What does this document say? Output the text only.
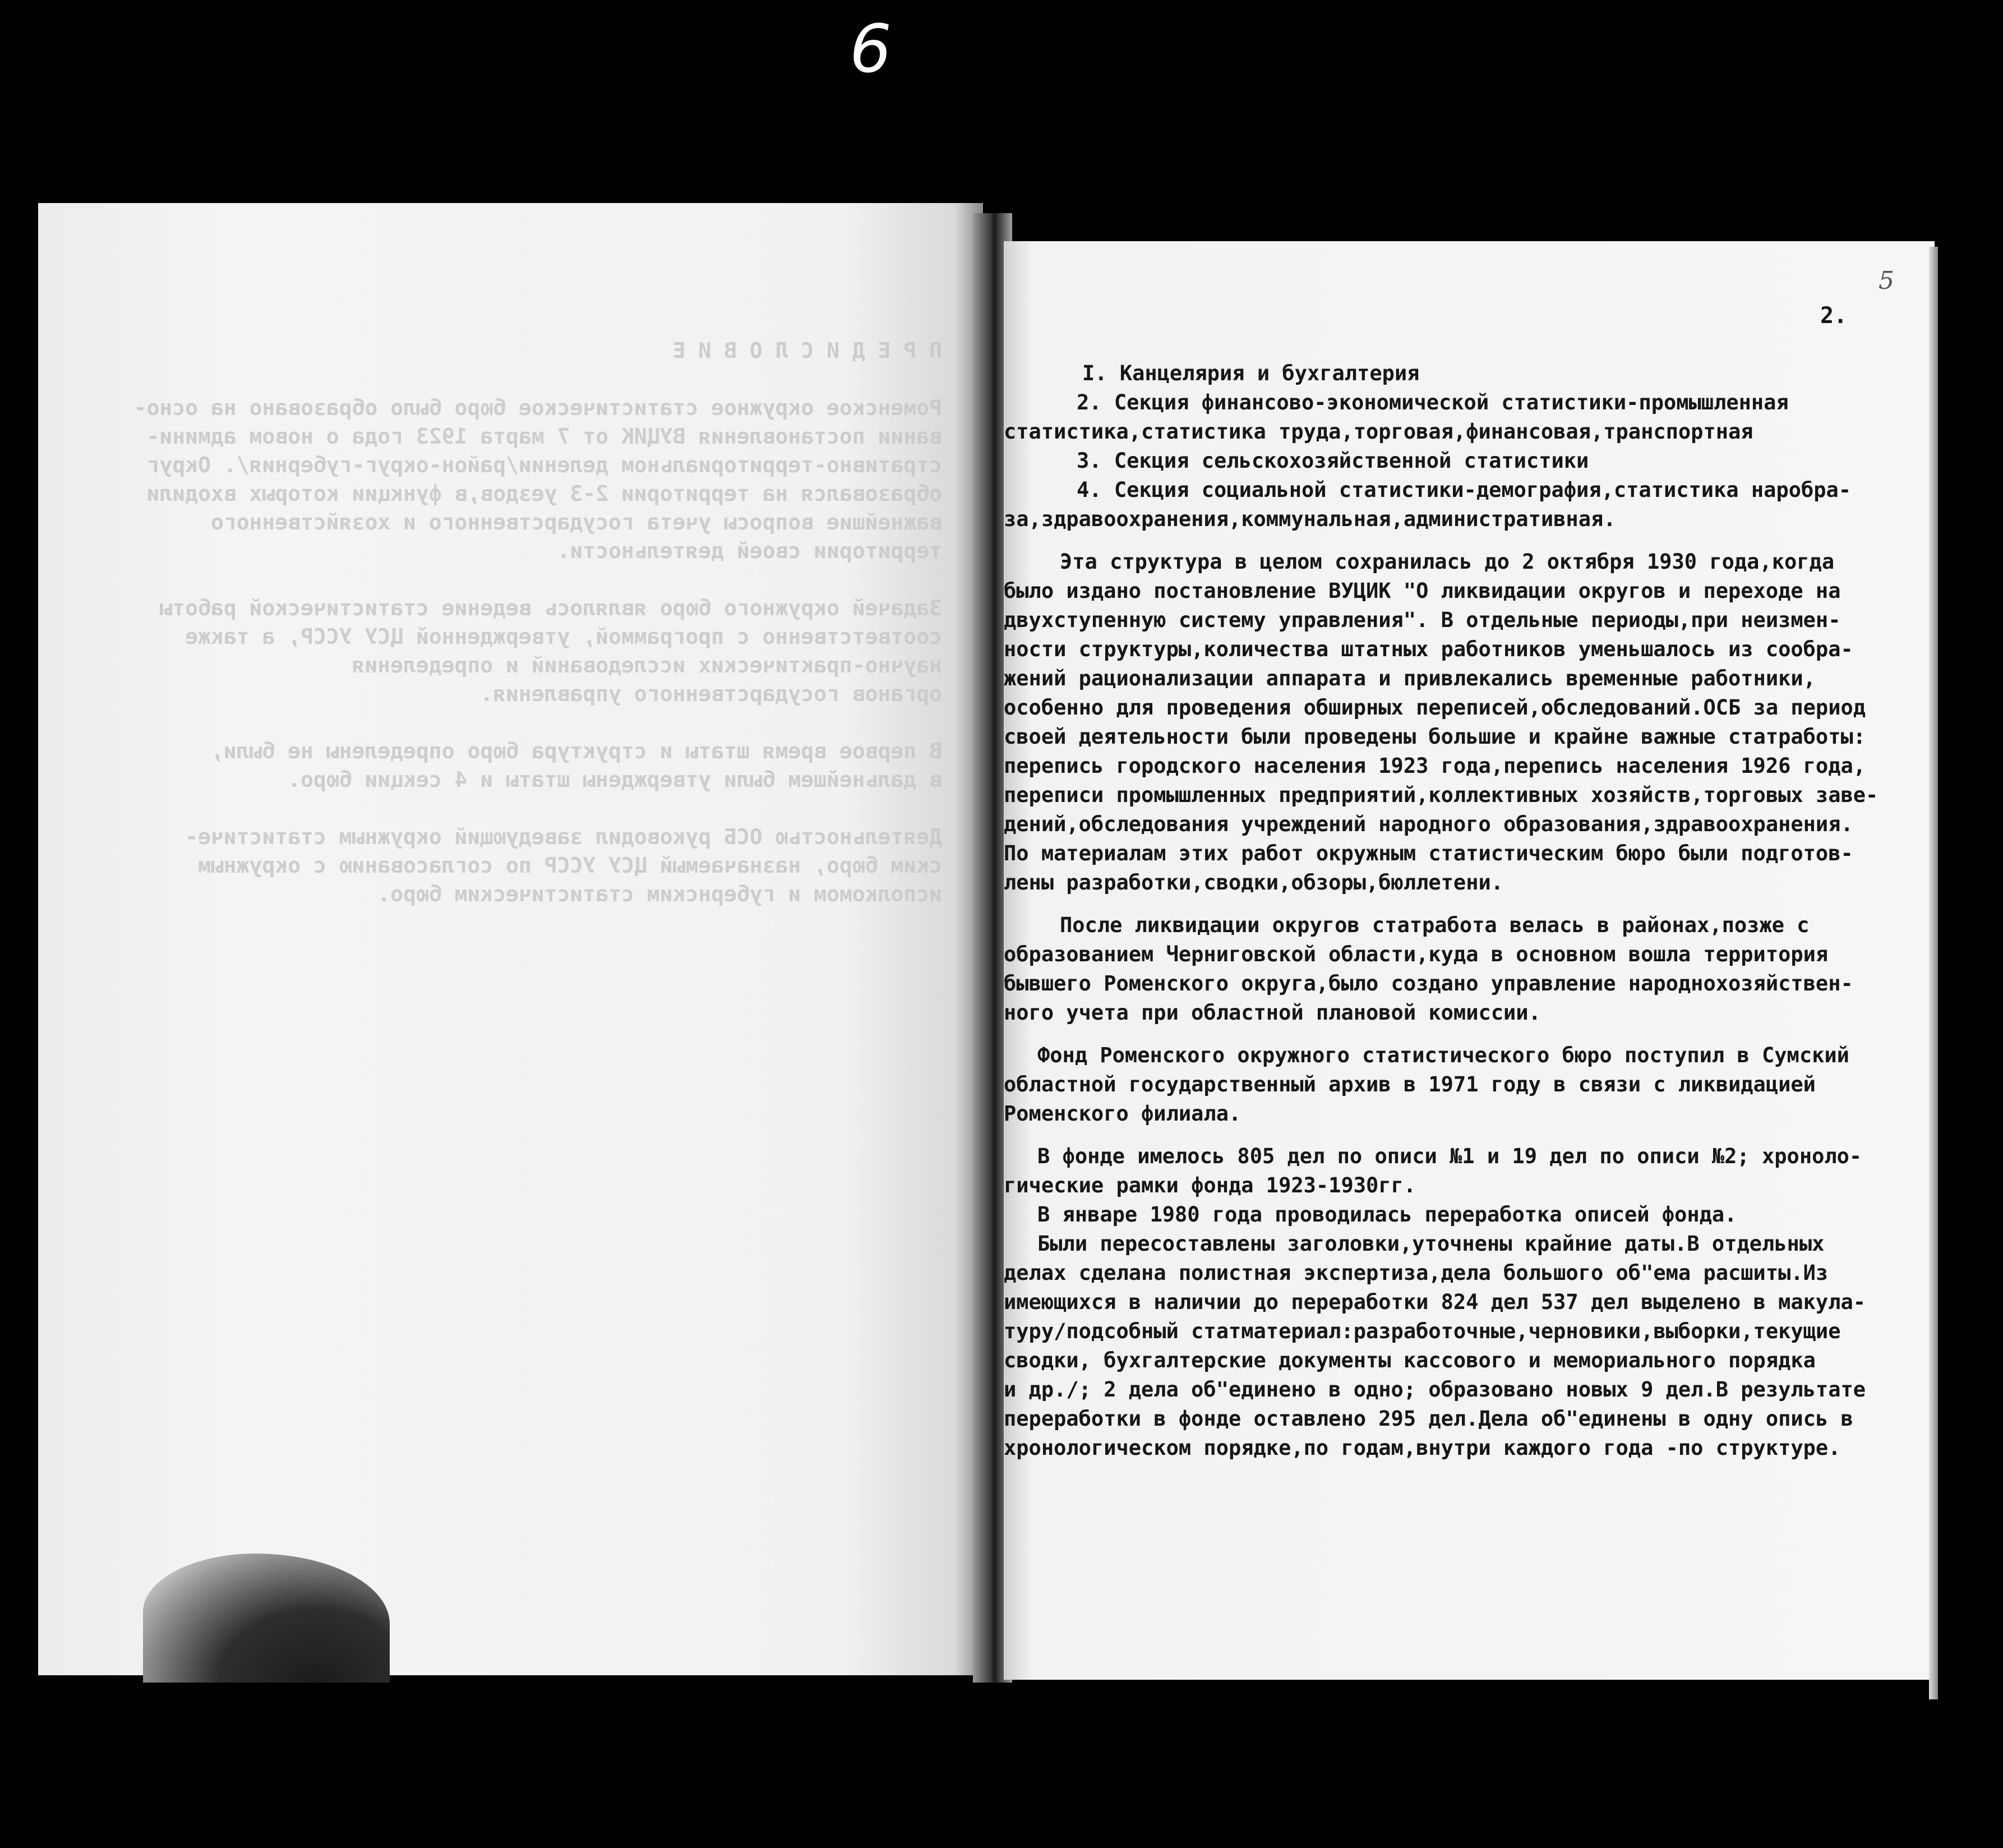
6
П Р Е Д И С Л О В И Е

Роменское окружное статистическое бюро было образовано на осно-
вании постановления ВУЦИК от 7 марта 1923 года о новом админи-
стративно-территориальном делении/район-округ-губерния/. Округ
образовался на территории 2-3 уездов,в функции которых входили
важнейшие вопросы учета государственного и хозяйственного
территории своей деятельности.

Задачей окружного бюро являлось ведение статистической работы
соответственно с программой, утвержденной ЦСУ УССР, а также
научно-практических исследований и определения
органов государственного управления.

В первое время штаты и структура бюро определены не были,
в дальнейшем были утверждены штаты и 4 секции бюро.

Деятельностью ОСБ руководил заведующий окружным статистиче-
ским бюро, назначаемый ЦСУ УССР по согласованию с окружным
исполкомом и губернским статистическим бюро.
5
2.
I. Канцелярия и бухгалтерия
2. Секция финансово-экономической статистики-промышленная
статистика,статистика труда,торговая,финансовая,транспортная
3. Секция сельскохозяйственной статистики
4. Секция социальной статистики-демография,статистика наробра-
за,здравоохранения,коммунальная,административная.
Эта структура в целом сохранилась до 2 октября 1930 года,когда
было издано постановление ВУЦИК "О ликвидации округов и переходе на
двухступенную систему управления". В отдельные периоды,при неизмен-
ности структуры,количества штатных работников уменьшалось из сообра-
жений рационализации аппарата и привлекались временные работники,
особенно для проведения обширных переписей,обследований.ОСБ за период
своей деятельности были проведены большие и крайне важные статработы:
перепись городского населения 1923 года,перепись населения 1926 года,
переписи промышленных предприятий,коллективных хозяйств,торговых заве-
дений,обследования учреждений народного образования,здравоохранения.
По материалам этих работ окружным статистическим бюро были подготов-
лены разработки,сводки,обзоры,бюллетени.
После ликвидации округов статработа велась в районах,позже с
образованием Черниговской области,куда в основном вошла территория
бывшего Роменского округа,было создано управление народнохозяйствен-
ного учета при областной плановой комиссии.
Фонд Роменского окружного статистического бюро поступил в Сумский
областной государственный архив в 1971 году в связи с ликвидацией
Роменского филиала.
В фонде имелось 805 дел по описи №1 и 19 дел по описи №2; хроноло-
гические рамки фонда 1923-1930гг.
В январе 1980 года проводилась переработка описей фонда.
Были пересоставлены заголовки,уточнены крайние даты.В отдельных
делах сделана полистная экспертиза,дела большого об"ема расшиты.Из
имеющихся в наличии до переработки 824 дел 537 дел выделено в макула-
туру/подсобный статматериал:разработочные,черновики,выборки,текущие
сводки, бухгалтерские документы кассового и мемориального порядка
и др./; 2 дела об"единено в одно; образовано новых 9 дел.В результате
переработки в фонде оставлено 295 дел.Дела об"единены в одну опись в
хронологическом порядке,по годам,внутри каждого года -по структуре.
